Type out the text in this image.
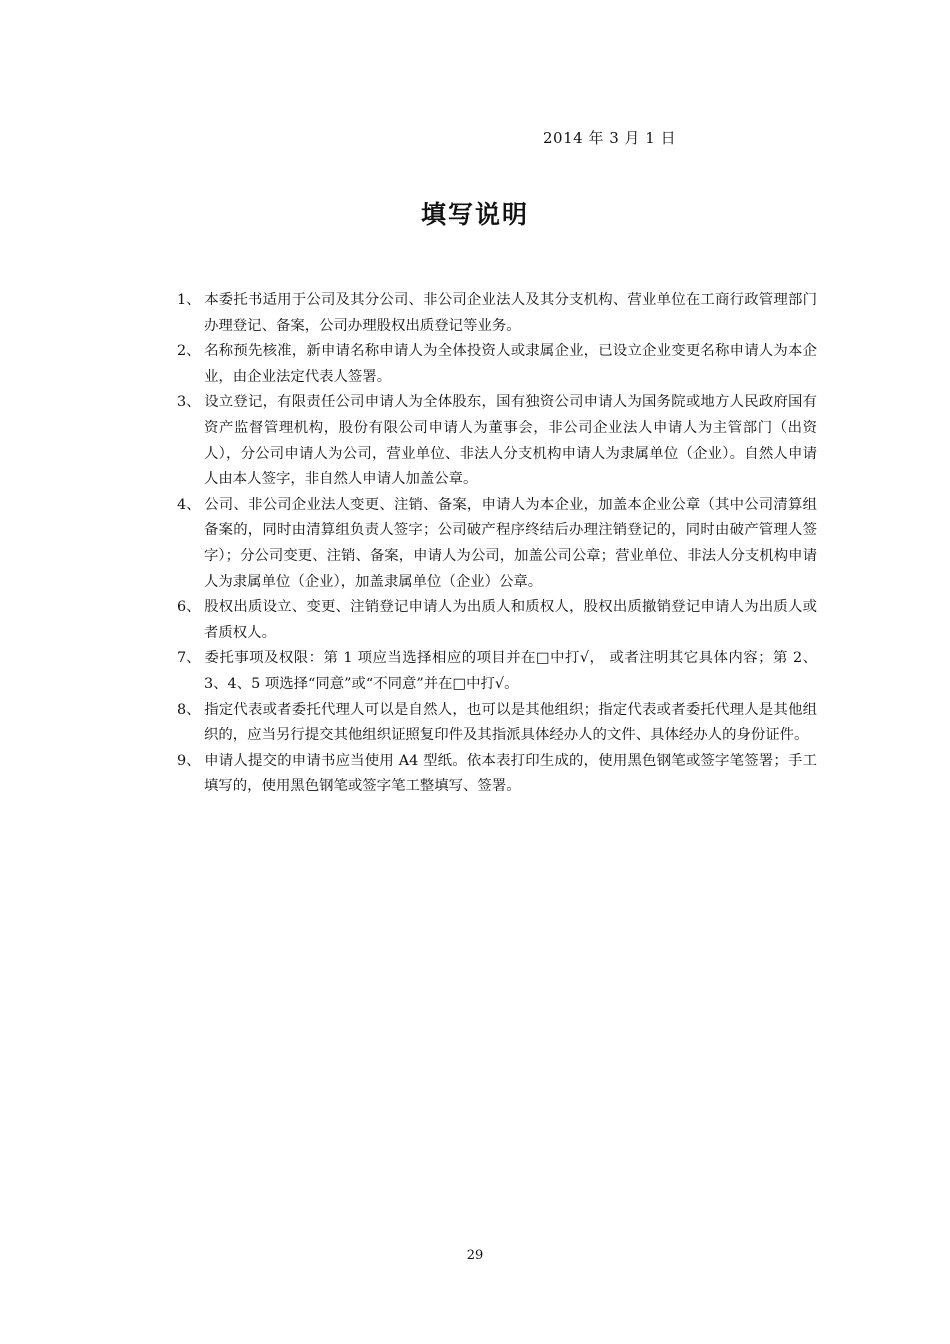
2014 年 3 月 1 日
填写说明
1、 本委托书适用于公司及其分公司、非公司企业法人及其分支机构、营业单位在工商行政管理部门办理登记、备案，公司办理股权出质登记等业务。
2、 名称预先核准，新申请名称申请人为全体投资人或隶属企业，已设立企业变更名称申请人为本企业，由企业法定代表人签署。
3、 设立登记，有限责任公司申请人为全体股东，国有独资公司申请人为国务院或地方人民政府国有资产监督管理机构，股份有限公司申请人为董事会，非公司企业法人申请人为主管部门（出资人），分公司申请人为公司，营业单位、非法人分支机构申请人为隶属单位（企业）。自然人申请人由本人签字，非自然人申请人加盖公章。
4、 公司、非公司企业法人变更、注销、备案，申请人为本企业，加盖本企业公章（其中公司清算组备案的，同时由清算组负责人签字；公司破产程序终结后办理注销登记的，同时由破产管理人签字）；分公司变更、注销、备案，申请人为公司，加盖公司公章；营业单位、非法人分支机构申请人为隶属单位（企业），加盖隶属单位（企业）公章。
6、 股权出质设立、变更、注销登记申请人为出质人和质权人，股权出质撤销登记申请人为出质人或者质权人。
7、 委托事项及权限：第 1 项应当选择相应的项目并在□中打√， 或者注明其它具体内容；第 2、3、4、5 项选择“同意”或“不同意”并在□中打√。
8、 指定代表或者委托代理人可以是自然人，也可以是其他组织；指定代表或者委托代理人是其他组织的，应当另行提交其他组织证照复印件及其指派具体经办人的文件、具体经办人的身份证件。
9、 申请人提交的申请书应当使用 A4 型纸。依本表打印生成的，使用黑色钢笔或签字笔签署；手工填写的，使用黑色钢笔或签字笔工整填写、签署。
29
